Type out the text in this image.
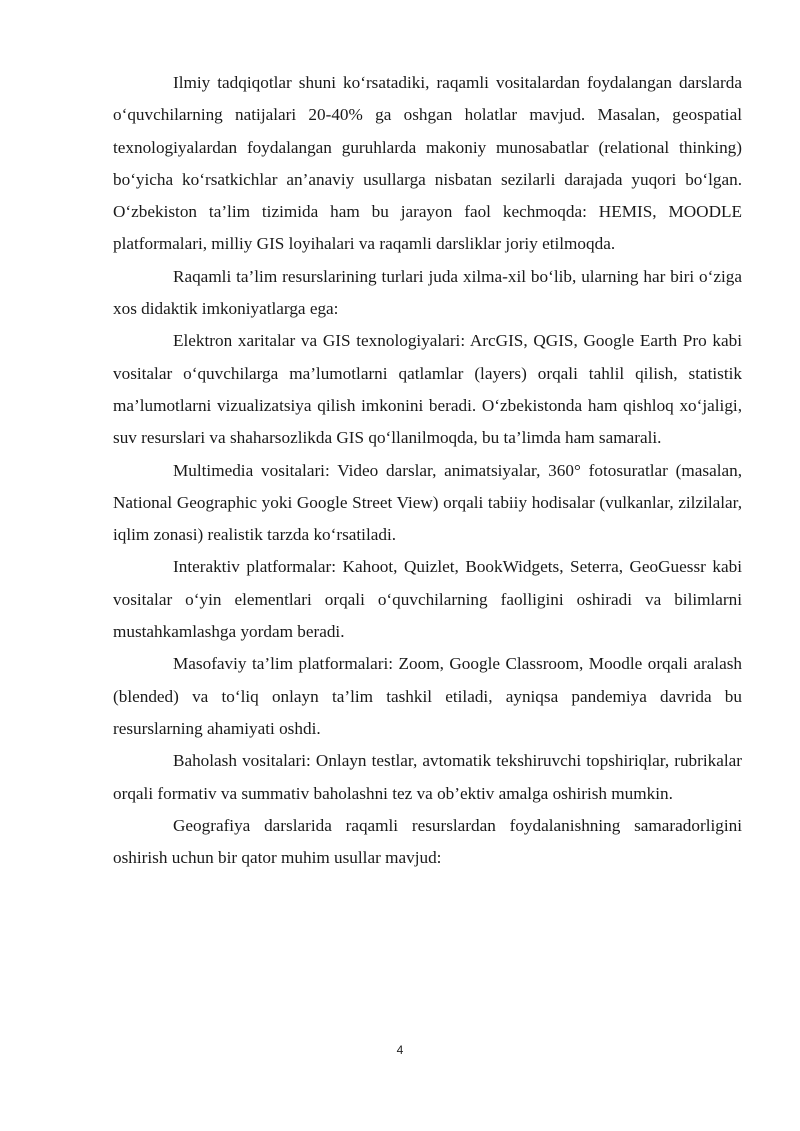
Ilmiy tadqiqotlar shuni ko‘rsatadiki, raqamli vositalardan foydalangan darslarda o‘quvchilarning natijalari 20-40% ga oshgan holatlar mavjud. Masalan, geospatial texnologiyalardan foydalangan guruhlarda makoniy munosabatlar (relational thinking) bo‘yicha ko‘rsatkichlar an’anaviy usullarga nisbatan sezilarli darajada yuqori bo‘lgan. O‘zbekiston ta’lim tizimida ham bu jarayon faol kechmoqda: HEMIS, MOODLE platformalari, milliy GIS loyihalari va raqamli darsliklar joriy etilmoqda.

Raqamli ta’lim resurslarining turlari juda xilma-xil bo‘lib, ularning har biri o‘ziga xos didaktik imkoniyatlarga ega:

Elektron xaritalar va GIS texnologiyalari: ArcGIS, QGIS, Google Earth Pro kabi vositalar o‘quvchilarga ma’lumotlarni qatlamlar (layers) orqali tahlil qilish, statistik ma’lumotlarni vizualizatsiya qilish imkonini beradi. O‘zbekistonda ham qishloq xo‘jaligi, suv resurslari va shaharsozlikda GIS qo‘llanilmoqda, bu ta’limda ham samarali.

Multimedia vositalari: Video darslar, animatsiyalar, 360° fotosuratlar (masalan, National Geographic yoki Google Street View) orqali tabiiy hodisalar (vulkanlar, zilzilalar, iqlim zonasi) realistik tarzda ko‘rsatiladi.

Interaktiv platformalar: Kahoot, Quizlet, BookWidgets, Seterra, GeoGuessr kabi vositalar o‘yin elementlari orqali o‘quvchilarning faolligini oshiradi va bilimlarni mustahkamlashga yordam beradi.

Masofaviy ta’lim platformalari: Zoom, Google Classroom, Moodle orqali aralash (blended) va to‘liq onlayn ta’lim tashkil etiladi, ayniqsa pandemiya davrida bu resurslarning ahamiyati oshdi.

Baholash vositalari: Onlayn testlar, avtomatik tekshiruvchi topshiriqlar, rubrikalar orqali formativ va summativ baholashni tez va ob’ektiv amalga oshirish mumkin.

Geografiya darslarida raqamli resurslardan foydalanishning samaradorligini oshirish uchun bir qator muhim usullar mavjud:

4
